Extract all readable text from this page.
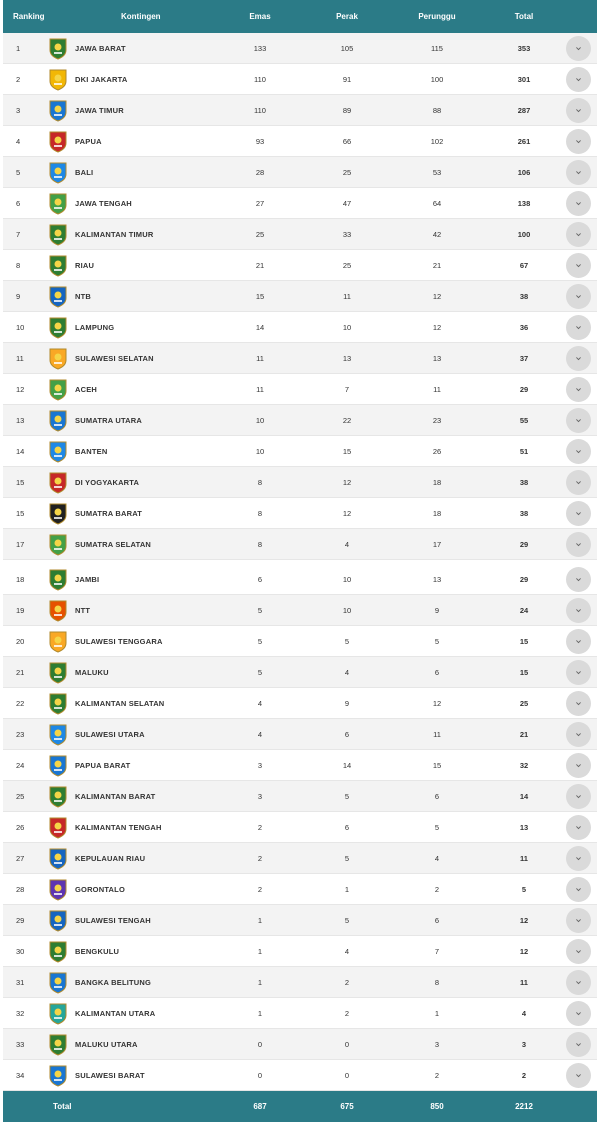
Ranking	Kontingen	Emas	Perak	Perunggu	Total
1	JAWA BARAT	133	105	115	353
2	DKI JAKARTA	110	91	100	301
3	JAWA TIMUR	110	89	88	287
4	PAPUA	93	66	102	261
5	BALI	28	25	53	106
6	JAWA TENGAH	27	47	64	138
7	KALIMANTAN TIMUR	25	33	42	100
8	RIAU	21	25	21	67
9	NTB	15	11	12	38
10	LAMPUNG	14	10	12	36
11	SULAWESI SELATAN	11	13	13	37
12	ACEH	11	7	11	29
13	SUMATRA UTARA	10	22	23	55
14	BANTEN	10	15	26	51
15	DI YOGYAKARTA	8	12	18	38
15	SUMATRA BARAT	8	12	18	38
17	SUMATRA SELATAN	8	4	17	29
18	JAMBI	6	10	13	29
19	NTT	5	10	9	24
20	SULAWESI TENGGARA	5	5	5	15
21	MALUKU	5	4	6	15
22	KALIMANTAN SELATAN	4	9	12	25
23	SULAWESI UTARA	4	6	11	21
24	PAPUA BARAT	3	14	15	32
25	KALIMANTAN BARAT	3	5	6	14
26	KALIMANTAN TENGAH	2	6	5	13
27	KEPULAUAN RIAU	2	5	4	11
28	GORONTALO	2	1	2	5
29	SULAWESI TENGAH	1	5	6	12
30	BENGKULU	1	4	7	12
31	BANGKA BELITUNG	1	2	8	11
32	KALIMANTAN UTARA	1	2	1	4
33	MALUKU UTARA	0	0	3	3
34	SULAWESI BARAT	0	0	2	2
Total	687	675	850	2212
